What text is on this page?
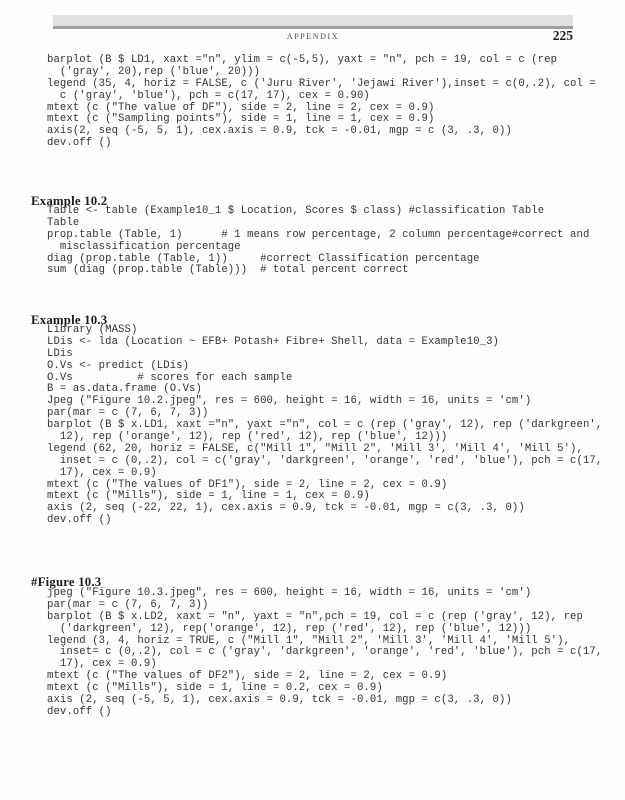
APPENDIX	225
barplot (B $ LD1, xaxt ="n", ylim = c(-5,5), yaxt = "n", pch = 19, col = c (rep
('gray', 20),rep ('blue', 20)))
legend (35, 4, horiz = FALSE, c ('Juru River', 'Jejawi River'),inset = c(0,.2), col =
c ('gray', 'blue'), pch = c(17, 17), cex = 0.90)
mtext (c ("The value of DF"), side = 2, line = 2, cex = 0.9)
mtext (c ("Sampling points"), side = 1, line = 1, cex = 0.9)
axis(2, seq (-5, 5, 1), cex.axis = 0.9, tck = -0.01, mgp = c (3, .3, 0))
dev.off ()
Example 10.2
Table <- table (Example10_1 $ Location, Scores $ class) #classification Table
Table
prop.table (Table, 1)      # 1 means row percentage, 2 column percentage#correct and
misclassification percentage
diag (prop.table (Table, 1))     #correct Classification percentage
sum (diag (prop.table (Table)))  # total percent correct
Example 10.3
Library (MASS)
LDis <- lda (Location ~ EFB+ Potash+ Fibre+ Shell, data = Example10_3)
LDis
O.Vs <- predict (LDis)
O.Vs          # scores for each sample
B = as.data.frame (O.Vs)
Jpeg ("Figure 10.2.jpeg", res = 600, height = 16, width = 16, units = 'cm')
par(mar = c (7, 6, 7, 3))
barplot (B $ x.LD1, xaxt ="n", yaxt ="n", col = c (rep ('gray', 12), rep ('darkgreen',
12), rep ('orange', 12), rep ('red', 12), rep ('blue', 12)))
legend (62, 20, horiz = FALSE, c("Mill 1", "Mill 2", 'Mill 3', 'Mill 4', 'Mill 5'),
inset = c (0,.2), col = c('gray', 'darkgreen', 'orange', 'red', 'blue'), pch = c(17,
17), cex = 0.9)
mtext (c ("The values of DF1"), side = 2, line = 2, cex = 0.9)
mtext (c ("Mills"), side = 1, line = 1, cex = 0.9)
axis (2, seq (-22, 22, 1), cex.axis = 0.9, tck = -0.01, mgp = c(3, .3, 0))
dev.off ()
#Figure 10.3
jpeg ("Figure 10.3.jpeg", res = 600, height = 16, width = 16, units = 'cm')
par(mar = c (7, 6, 7, 3))
barplot (B $ x.LD2, xaxt = "n", yaxt = "n",pch = 19, col = c (rep ('gray', 12), rep
('darkgreen', 12), rep('orange', 12), rep ('red', 12), rep ('blue', 12)))
legend (3, 4, horiz = TRUE, c ("Mill 1", "Mill 2", 'Mill 3', 'Mill 4', 'Mill 5'),
inset= c (0,.2), col = c ('gray', 'darkgreen', 'orange', 'red', 'blue'), pch = c(17,
17), cex = 0.9)
mtext (c ("The values of DF2"), side = 2, line = 2, cex = 0.9)
mtext (c ("Mills"), side = 1, line = 0.2, cex = 0.9)
axis (2, seq (-5, 5, 1), cex.axis = 0.9, tck = -0.01, mgp = c(3, .3, 0))
dev.off ()
